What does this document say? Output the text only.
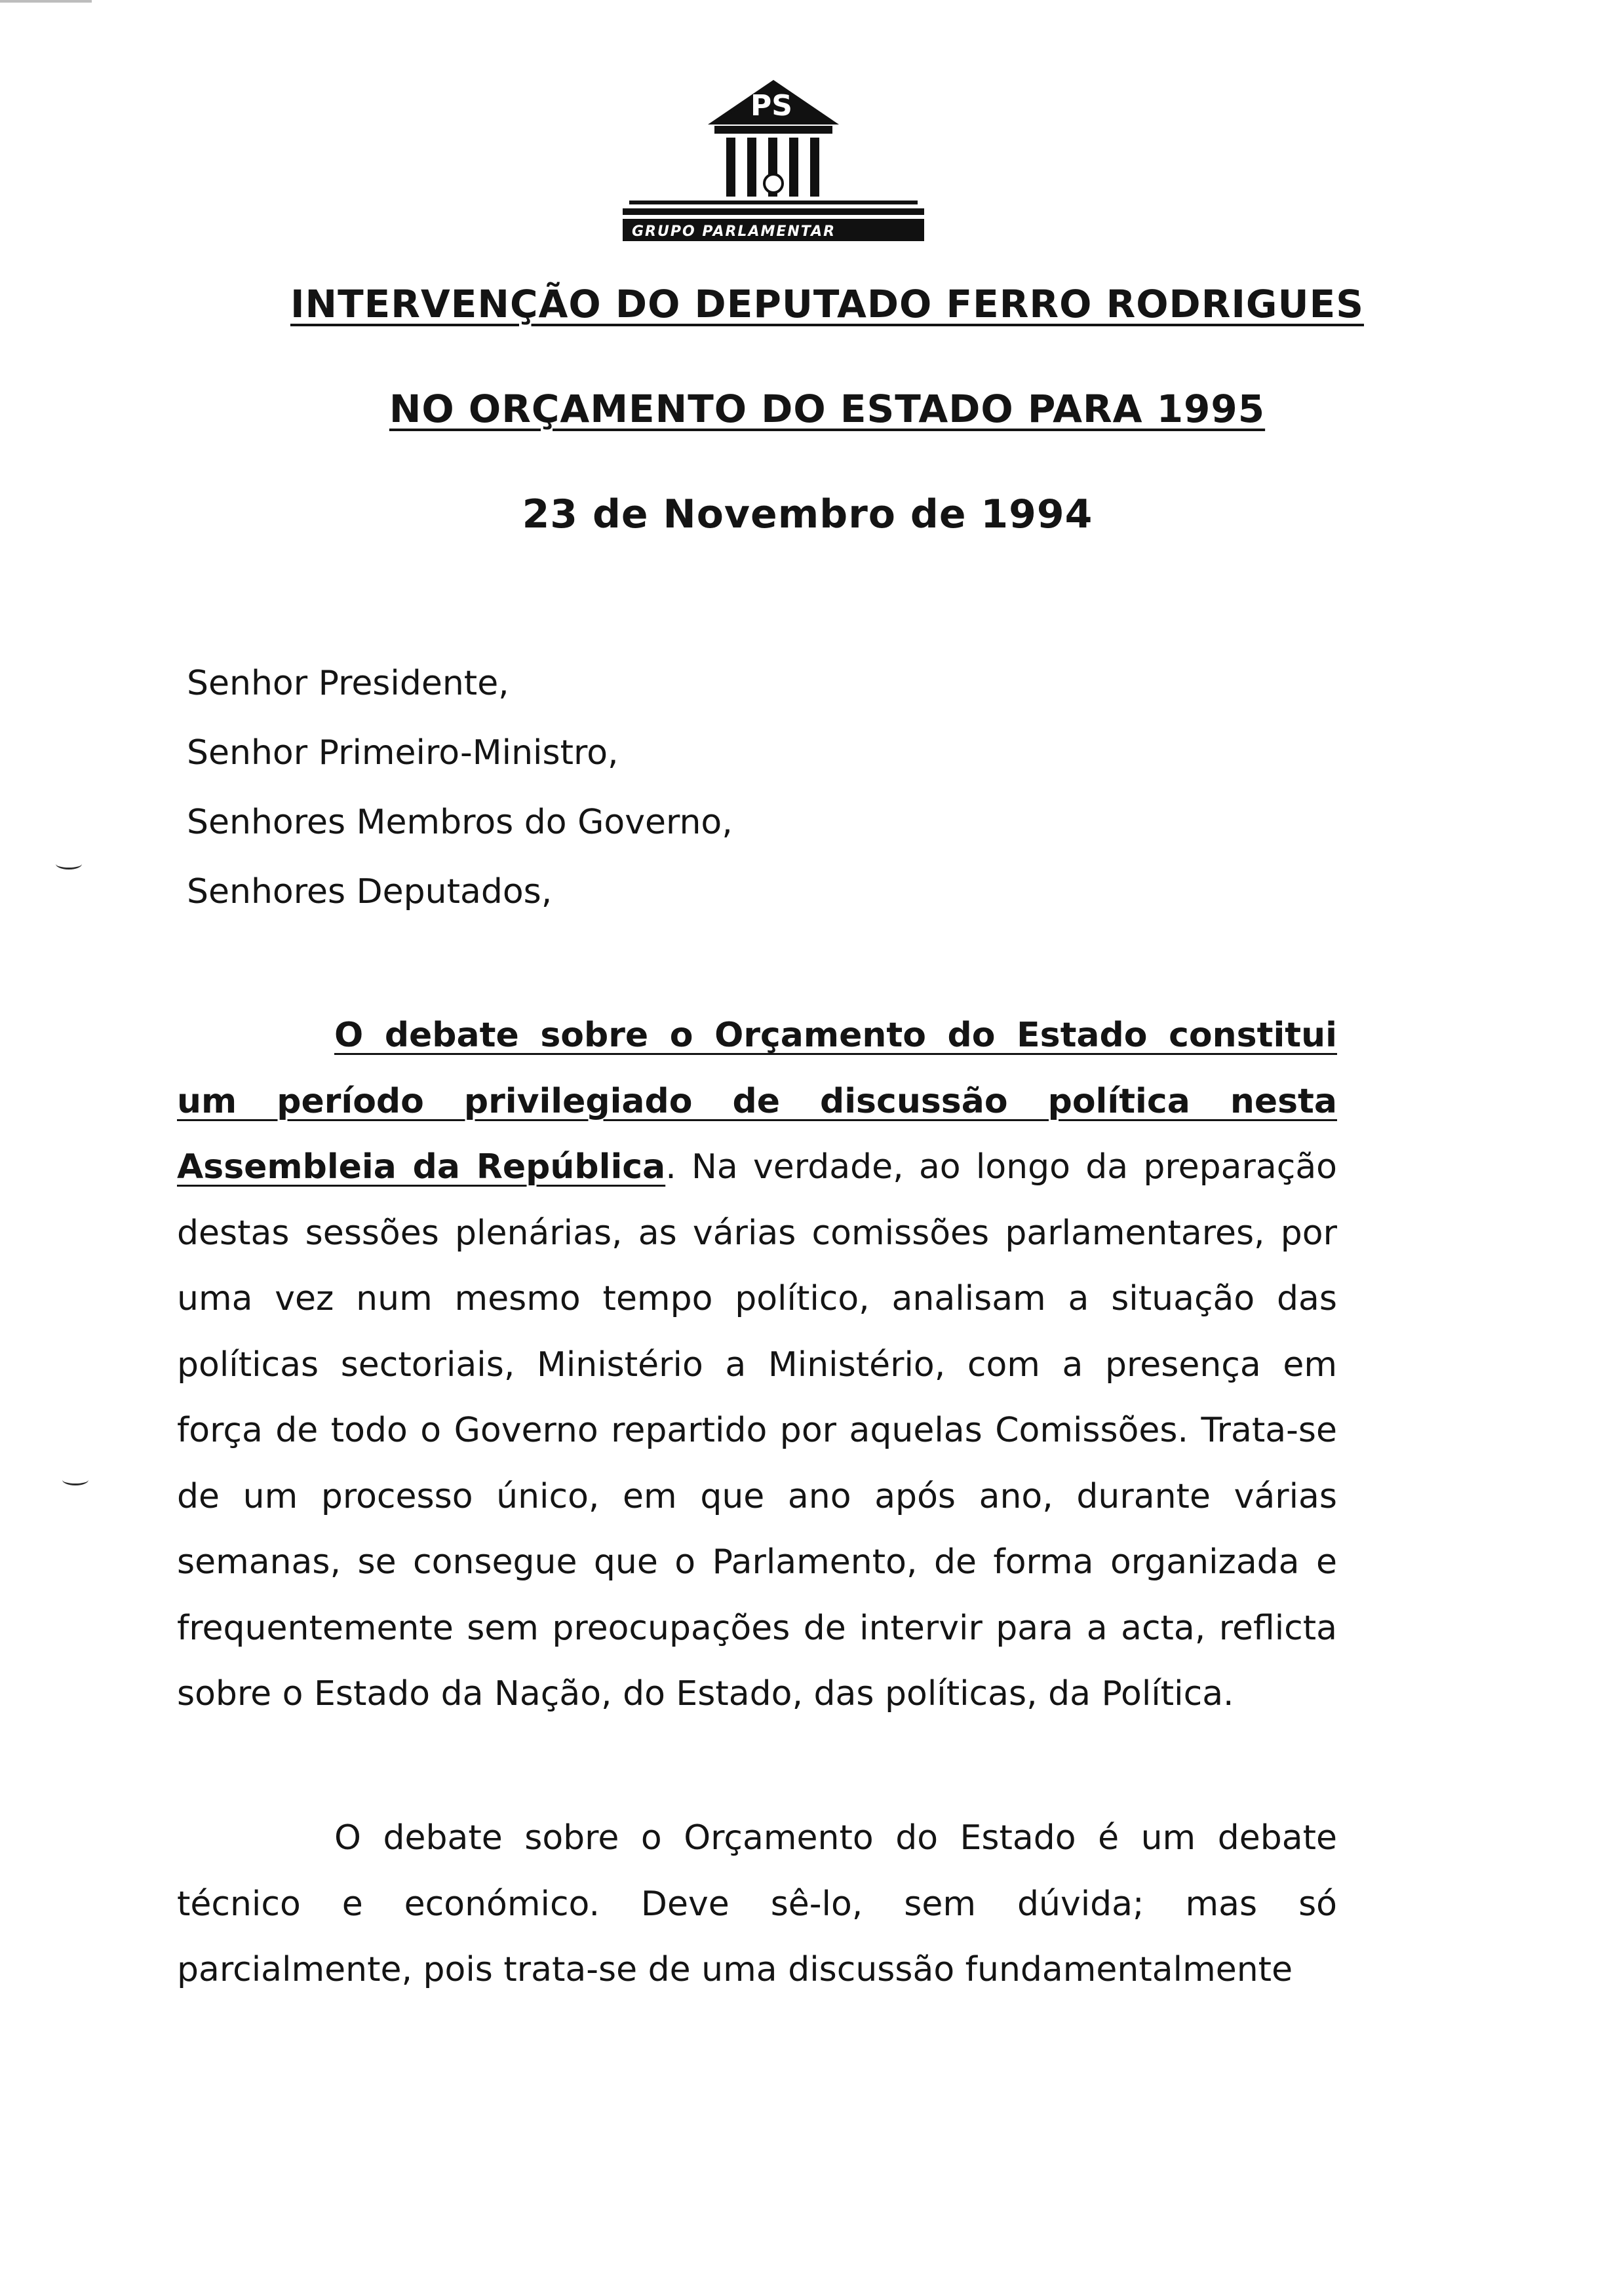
PS
GRUPO PARLAMENTAR
INTERVENÇÃO DO DEPUTADO FERRO RODRIGUES
NO ORÇAMENTO DO ESTADO PARA 1995
23 de Novembro de 1994
Senhor Presidente,
Senhor Primeiro-Ministro,
Senhores Membros do Governo,
Senhores Deputados,
O debate sobre o Orçamento do Estado constitui um período privilegiado de discussão política nesta Assembleia da República. Na verdade, ao longo da preparação destas sessões plenárias, as várias comissões parlamentares, por uma vez num mesmo tempo político, analisam a situação das políticas sectoriais, Ministério a Ministério, com a presença em força de todo o Governo repartido por aquelas Comissões. Trata-se de um processo único, em que ano após ano, durante várias semanas, se consegue que o Parlamento, de forma organizada e frequentemente sem preocupações de intervir para a acta, reflicta sobre o Estado da Nação, do Estado, das políticas, da Política.
O debate sobre o Orçamento do Estado é um debate técnico e económico. Deve sê-lo, sem dúvida; mas só parcialmente, pois trata-se de uma discussão fundamentalmente
